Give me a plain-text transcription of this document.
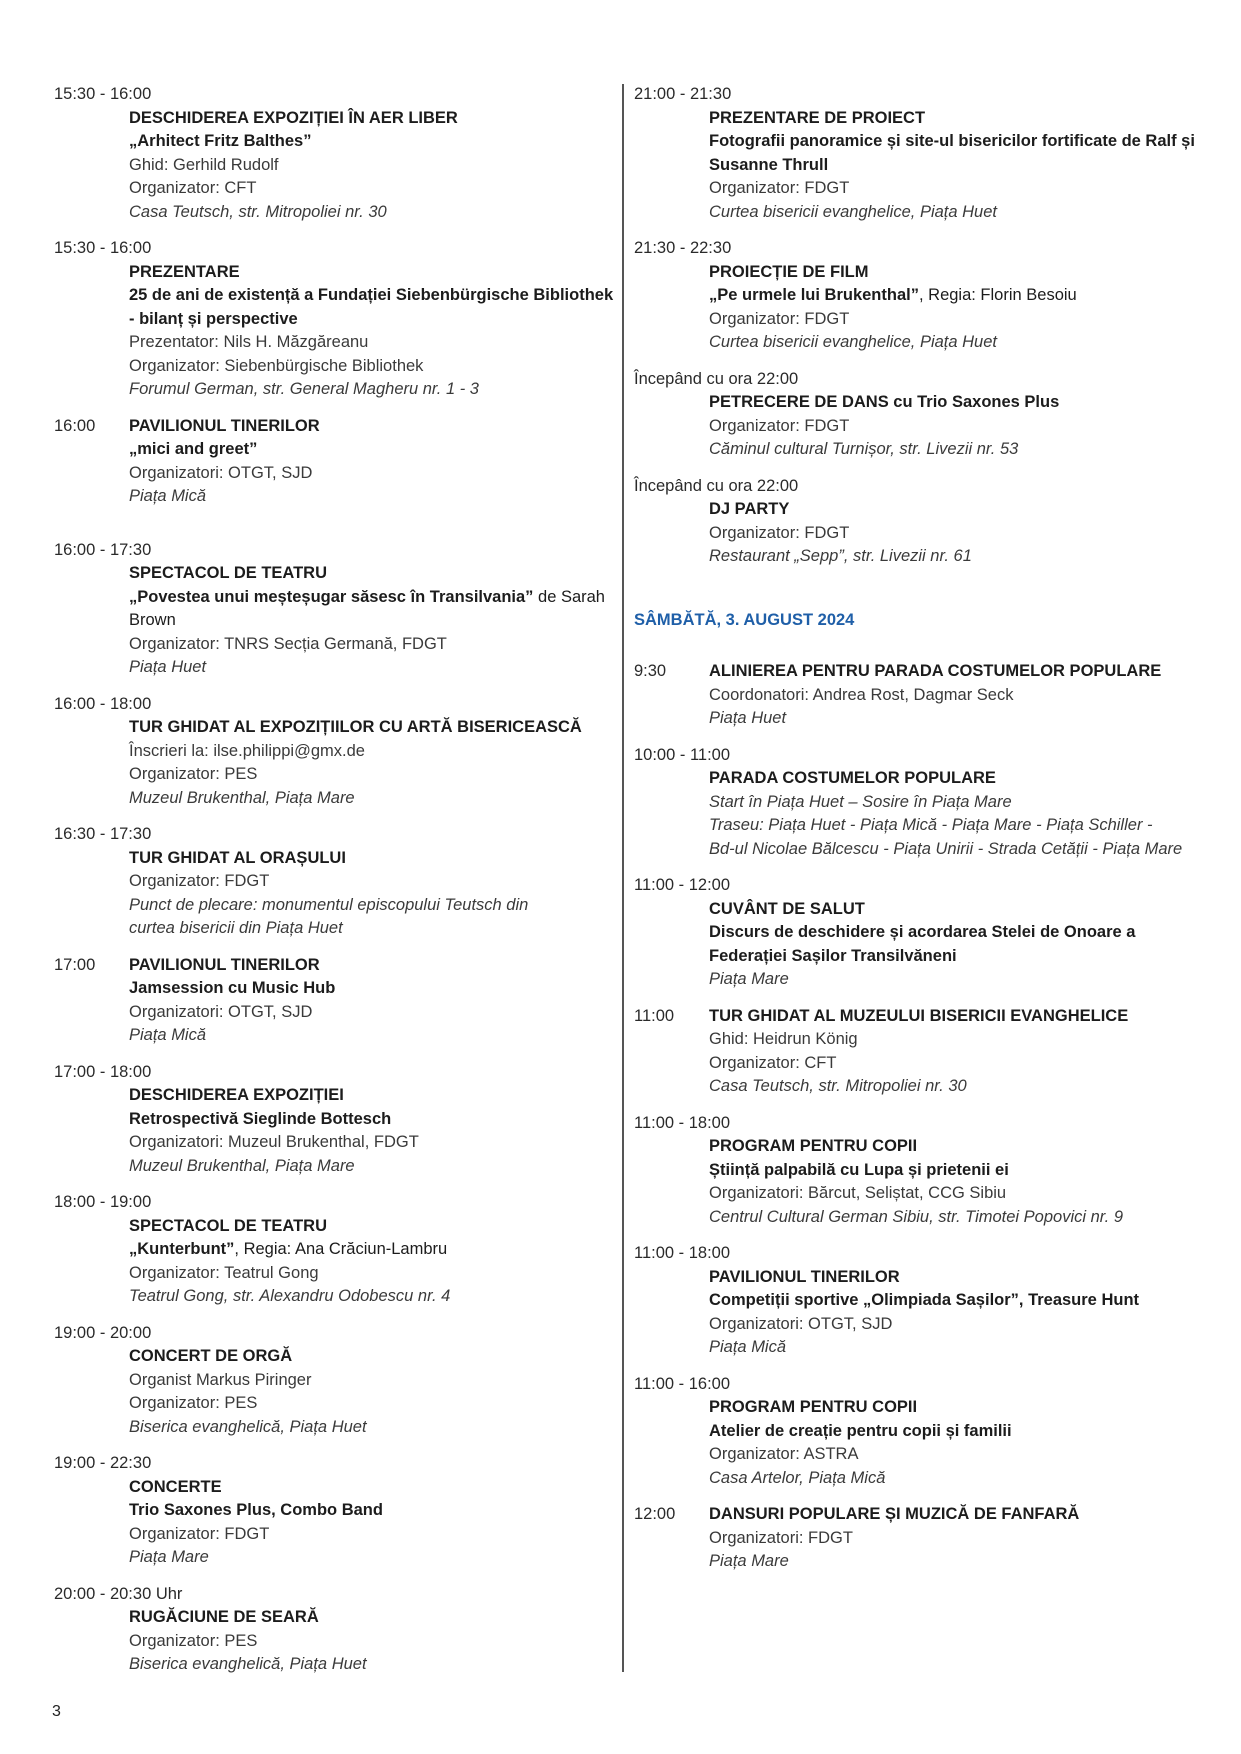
15:30 - 16:00
DESCHIDEREA EXPOZIȚIEI ÎN AER LIBER
„Arhitect Fritz Balthes”
Ghid: Gerhild Rudolf
Organizator: CFT
Casa Teutsch, str. Mitropoliei nr. 30
15:30 - 16:00
PREZENTARE
25 de ani de existență a Fundației Siebenbürgische Bibliothek - bilanț și perspective
Prezentator: Nils H. Măzgăreanu
Organizator: Siebenbürgische Bibliothek
Forumul German, str. General Magheru nr. 1 - 3
16:00	PAVILIONUL TINERILOR
„mici and greet”
Organizatori: OTGT, SJD
Piața Mică
16:00 - 17:30
SPECTACOL DE TEATRU
„Povestea unui meșteșugar săsesc în Transilvania” de Sarah Brown
Organizator: TNRS Secția Germană, FDGT
Piața Huet
16:00 - 18:00
TUR GHIDAT AL EXPOZIȚIILOR CU ARTĂ BISERICEASCĂ
Înscrieri la: ilse.philippi@gmx.de
Organizator: PES
Muzeul Brukenthal, Piața Mare
16:30 - 17:30
TUR GHIDAT AL ORAȘULUI
Organizator: FDGT
Punct de plecare: monumentul episcopului Teutsch din
curtea bisericii din Piața Huet
17:00	PAVILIONUL TINERILOR
Jamsession cu Music Hub
Organizatori: OTGT, SJD
Piața Mică
17:00 - 18:00
DESCHIDEREA EXPOZIȚIEI
Retrospectivă Sieglinde Bottesch
Organizatori: Muzeul Brukenthal, FDGT
Muzeul Brukenthal, Piața Mare
18:00 - 19:00
SPECTACOL DE TEATRU
„Kunterbunt”, Regia: Ana Crăciun-Lambru
Organizator: Teatrul Gong
Teatrul Gong, str. Alexandru Odobescu nr. 4
19:00 - 20:00
CONCERT DE ORGĂ
Organist Markus Piringer
Organizator: PES
Biserica evanghelică, Piața Huet
19:00 - 22:30
CONCERTE
Trio Saxones Plus, Combo Band
Organizator: FDGT
Piața Mare
20:00 - 20:30 Uhr
RUGĂCIUNE DE SEARĂ
Organizator: PES
Biserica evanghelică, Piața Huet
21:00 - 21:30
PREZENTARE DE PROIECT
Fotografii panoramice și site-ul bisericilor fortificate de Ralf și Susanne Thrull
Organizator: FDGT
Curtea bisericii evanghelice, Piața Huet
21:30 - 22:30
PROIECȚIE DE FILM
„Pe urmele lui Brukenthal”, Regia: Florin Besoiu
Organizator: FDGT
Curtea bisericii evanghelice, Piața Huet
Începând cu ora 22:00
PETRECERE DE DANS cu Trio Saxones Plus
Organizator: FDGT
Căminul cultural Turnișor, str. Livezii nr. 53
Începând cu ora 22:00
DJ PARTY
Organizator: FDGT
Restaurant „Sepp”, str. Livezii nr. 61
SÂMBĂTĂ, 3. AUGUST 2024
9:30	ALINIEREA PENTRU PARADA COSTUMELOR POPULARE
Coordonatori: Andrea Rost, Dagmar Seck
Piața Huet
10:00 - 11:00
PARADA COSTUMELOR POPULARE
Start în Piața Huet – Sosire în Piața Mare
Traseu: Piața Huet - Piața Mică - Piața Mare - Piața Schiller -
Bd-ul Nicolae Bălcescu - Piața Unirii - Strada Cetății - Piața Mare
11:00 - 12:00
CUVÂNT DE SALUT
Discurs de deschidere și acordarea Stelei de Onoare a Federației Sașilor Transilvăneni
Piața Mare
11:00	TUR GHIDAT AL MUZEULUI BISERICII EVANGHELICE
Ghid: Heidrun König
Organizator: CFT
Casa Teutsch, str. Mitropoliei nr. 30
11:00 - 18:00
PROGRAM PENTRU COPII
Știință palpabilă cu Lupa și prietenii ei
Organizatori: Bărcut, Seliștat, CCG Sibiu
Centrul Cultural German Sibiu, str. Timotei Popovici nr. 9
11:00 - 18:00
PAVILIONUL TINERILOR
Competiții sportive „Olimpiada Sașilor”, Treasure Hunt
Organizatori: OTGT, SJD
Piața Mică
11:00 - 16:00
PROGRAM PENTRU COPII
Atelier de creație pentru copii și familii
Organizator: ASTRA
Casa Artelor, Piața Mică
12:00	DANSURI POPULARE ȘI MUZICĂ DE FANFARĂ
Organizatori: FDGT
Piața Mare
3
